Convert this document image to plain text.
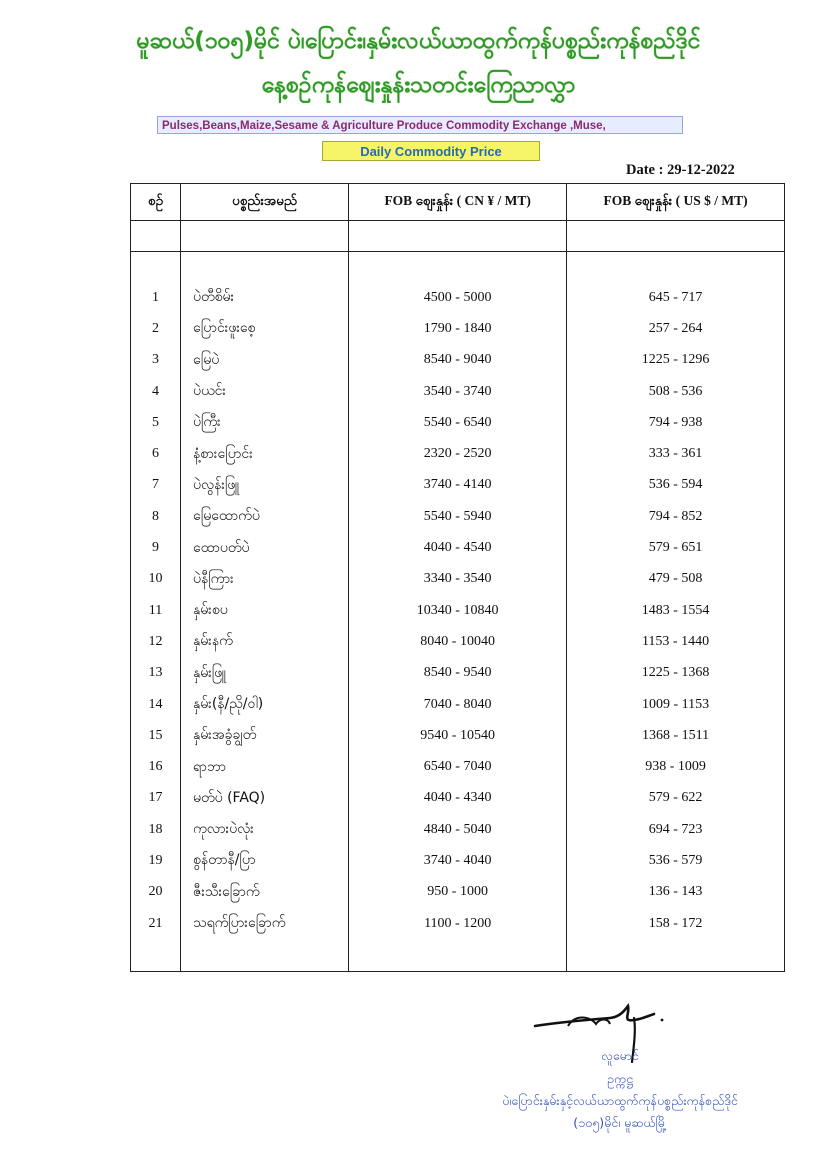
မူဆယ်(၁၀၅)မိုင် ပဲ၊ပြောင်း၊နှမ်းလယ်ယာထွက်ကုန်ပစ္စည်းကုန်စည်ဒိုင်
နေ့စဉ်ကုန်ဈေးနှုန်းသတင်းကြေညာလွှာ
Pulses,Beans,Maize,Sesame & Agriculture Produce Commodity Exchange ,Muse,
Daily Commodity Price
Date : 29-12-2022
စဉ်	ပစ္စည်းအမည်	FOB ဈေးနှုန်း ( CN ¥ / MT)	FOB ဈေးနှုန်း ( US $ / MT)

1	ပဲတီစိမ်း	4500 - 5000	645 - 717
2	ပြောင်းဖူးစေ့	1790 - 1840	257 - 264
3	မြေပဲ	8540 - 9040	1225 - 1296
4	ပဲယင်း	3540 - 3740	508 - 536
5	ပဲကြီး	5540 - 6540	794 - 938
6	နံ့စားပြောင်း	2320 - 2520	333 - 361
7	ပဲလွန်းဖြူ	3740 - 4140	536 - 594
8	မြေထောက်ပဲ	5540 - 5940	794 - 852
9	ထောပတ်ပဲ	4040 - 4540	579 - 651
10	ပဲနီကြား	3340 - 3540	479 - 508
11	နှမ်းစပ	10340 - 10840	1483 - 1554
12	နှမ်းနက်	8040 - 10040	1153 - 1440
13	နှမ်းဖြူ	8540 - 9540	1225 - 1368
14	နှမ်း(နီ/ညို/ဝါ)	7040 - 8040	1009 - 1153
15	နှမ်းအခွံချွတ်	9540 - 10540	1368 - 1511
16	ရာဘာ	6540 - 7040	938 - 1009
17	မတ်ပဲ (FAQ)	4040 - 4340	579 - 622
18	ကုလားပဲလုံး	4840 - 5040	694 - 723
19	စွန်တာနီ/ပြာ	3740 - 4040	536 - 579
20	ဇီးသီးခြောက်	950 - 1000	136 - 143
21	သရက်ပြားခြောက်	1100 - 1200	158 - 172

လူမောင်
ဥက္ကဋ္ဌ
ပဲ၊ပြောင်းနှမ်းနှင့်လယ်ယာထွက်ကုန်ပစ္စည်းကုန်စည်ဒိုင်
(၁၀၅)မိုင်၊ မူဆယ်မြို့
